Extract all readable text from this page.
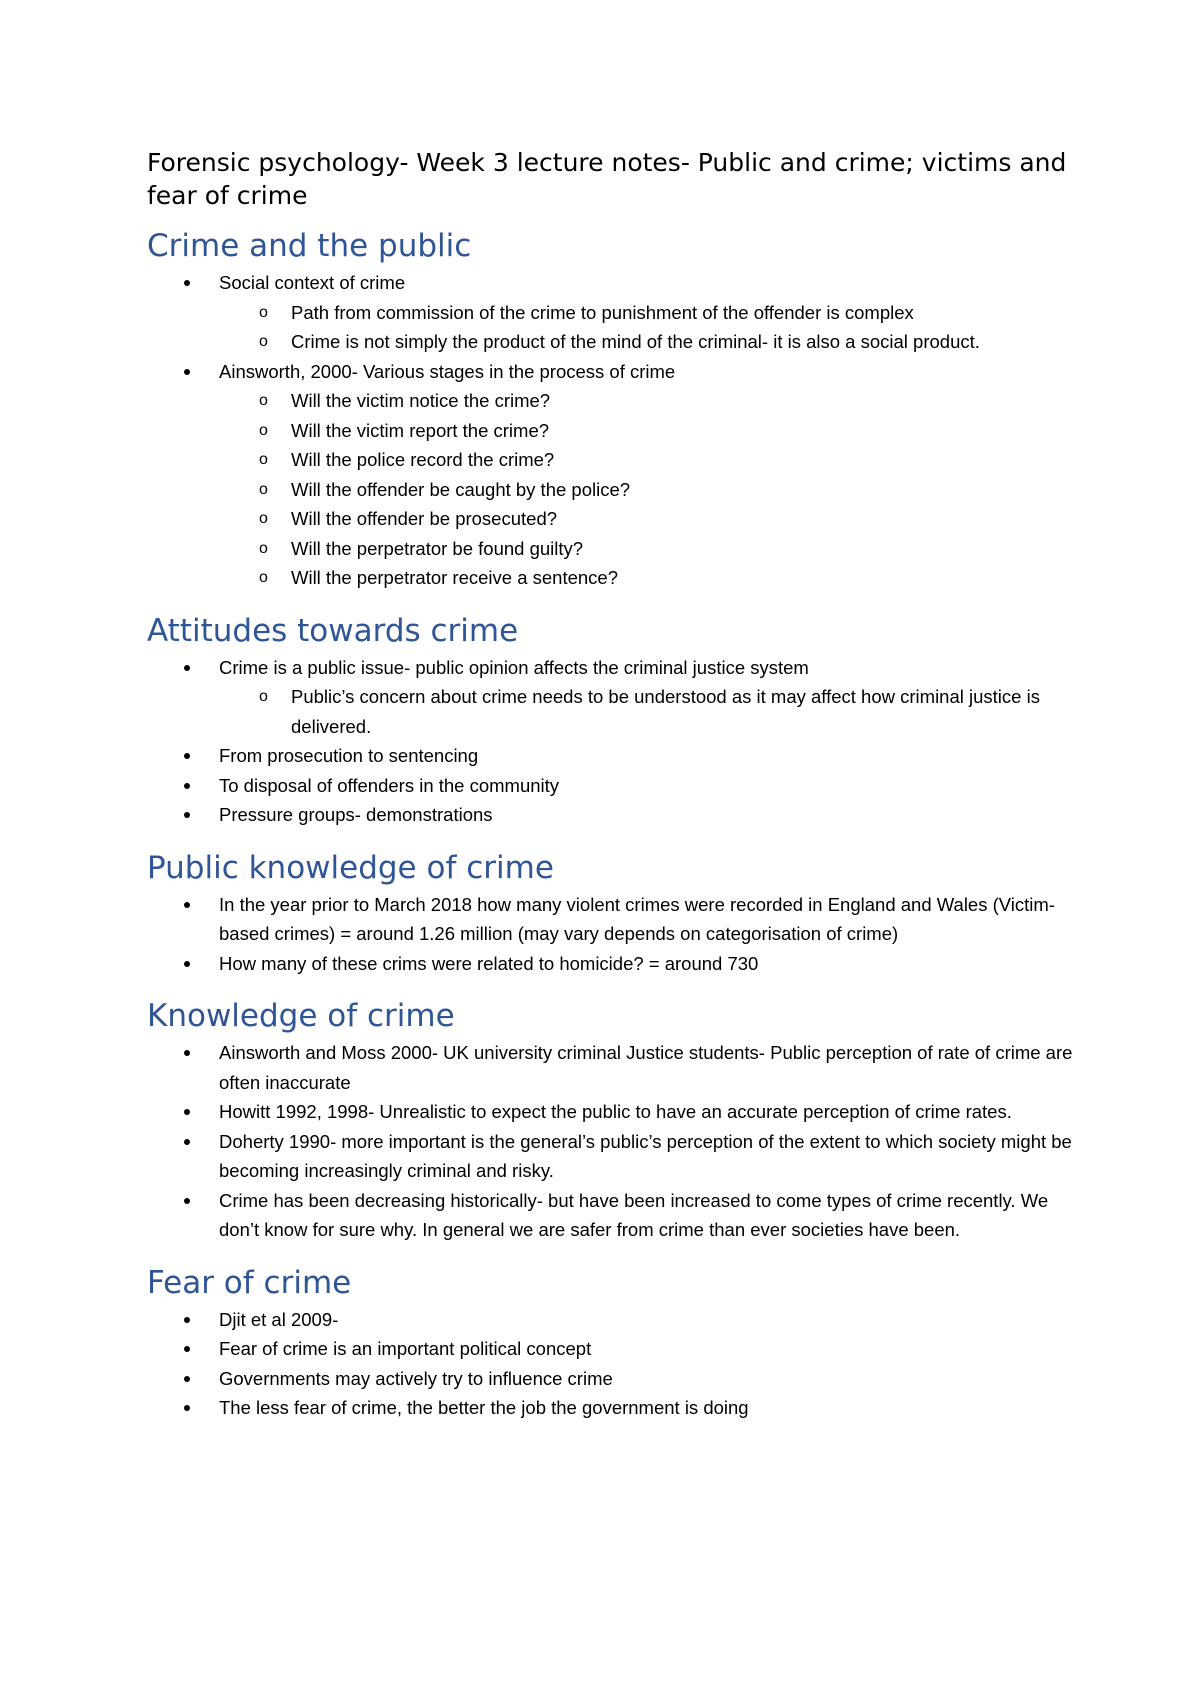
Forensic psychology- Week 3 lecture notes- Public and crime; victims and fear of crime
Crime and the public
Social context of crime
o Path from commission of the crime to punishment of the offender is complex
o Crime is not simply the product of the mind of the criminal- it is also a social product.
Ainsworth, 2000- Various stages in the process of crime
o Will the victim notice the crime?
o Will the victim report the crime?
o Will the police record the crime?
o Will the offender be caught by the police?
o Will the offender be prosecuted?
o Will the perpetrator be found guilty?
o Will the perpetrator receive a sentence?
Attitudes towards crime
Crime is a public issue- public opinion affects the criminal justice system
o Public’s concern about crime needs to be understood as it may affect how criminal justice is delivered.
From prosecution to sentencing
To disposal of offenders in the community
Pressure groups- demonstrations
Public knowledge of crime
In the year prior to March 2018 how many violent crimes were recorded in England and Wales (Victim-based crimes) = around 1.26 million (may vary depends on categorisation of crime)
How many of these crims were related to homicide? = around 730
Knowledge of crime
Ainsworth and Moss 2000- UK university criminal Justice students- Public perception of rate of crime are often inaccurate
Howitt 1992, 1998- Unrealistic to expect the public to have an accurate perception of crime rates.
Doherty 1990- more important is the general’s public’s perception of the extent to which society might be becoming increasingly criminal and risky.
Crime has been decreasing historically- but have been increased to come types of crime recently. We don’t know for sure why. In general we are safer from crime than ever societies have been.
Fear of crime
Djit et al 2009-
Fear of crime is an important political concept
Governments may actively try to influence crime
The less fear of crime, the better the job the government is doing
